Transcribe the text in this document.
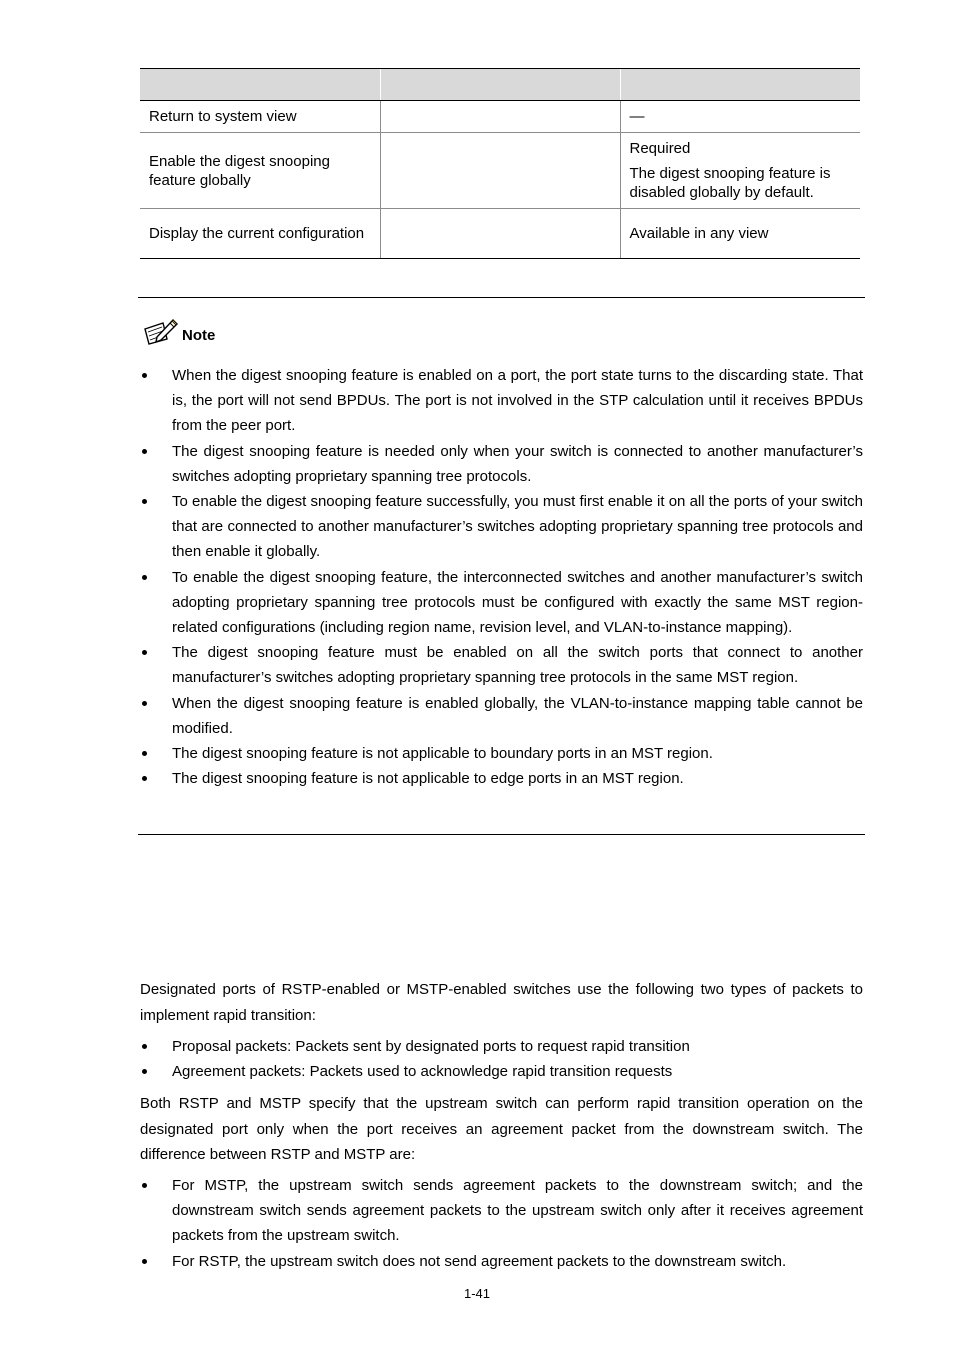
Return to system view		—
Enable the digest snooping feature globally		Required
The digest snooping feature is disabled globally by default.

Display the current configuration		Available in any view
Note
When the digest snooping feature is enabled on a port, the port state turns to the discarding state. That is, the port will not send BPDUs. The port is not involved in the STP calculation until it receives BPDUs from the peer port.
The digest snooping feature is needed only when your switch is connected to another manufacturer’s switches adopting proprietary spanning tree protocols.
To enable the digest snooping feature successfully, you must first enable it on all the ports of your switch that are connected to another manufacturer’s switches adopting proprietary spanning tree protocols and then enable it globally.
To enable the digest snooping feature, the interconnected switches and another manufacturer’s switch adopting proprietary spanning tree protocols must be configured with exactly the same MST region-related configurations (including region name, revision level, and VLAN-to-instance mapping).
The digest snooping feature must be enabled on all the switch ports that connect to another manufacturer’s switches adopting proprietary spanning tree protocols in the same MST region.
When the digest snooping feature is enabled globally, the VLAN-to-instance mapping table cannot be modified.
The digest snooping feature is not applicable to boundary ports in an MST region.
The digest snooping feature is not applicable to edge ports in an MST region.

Designated ports of RSTP-enabled or MSTP-enabled switches use the following two types of packets to implement rapid transition:

Proposal packets: Packets sent by designated ports to request rapid transition
Agreement packets: Packets used to acknowledge rapid transition requests

Both RSTP and MSTP specify that the upstream switch can perform rapid transition operation on the designated port only when the port receives an agreement packet from the downstream switch. The difference between RSTP and MSTP are:

For MSTP, the upstream switch sends agreement packets to the downstream switch; and the downstream switch sends agreement packets to the upstream switch only after it receives agreement packets from the upstream switch.
For RSTP, the upstream switch does not send agreement packets to the downstream switch.
1-41
